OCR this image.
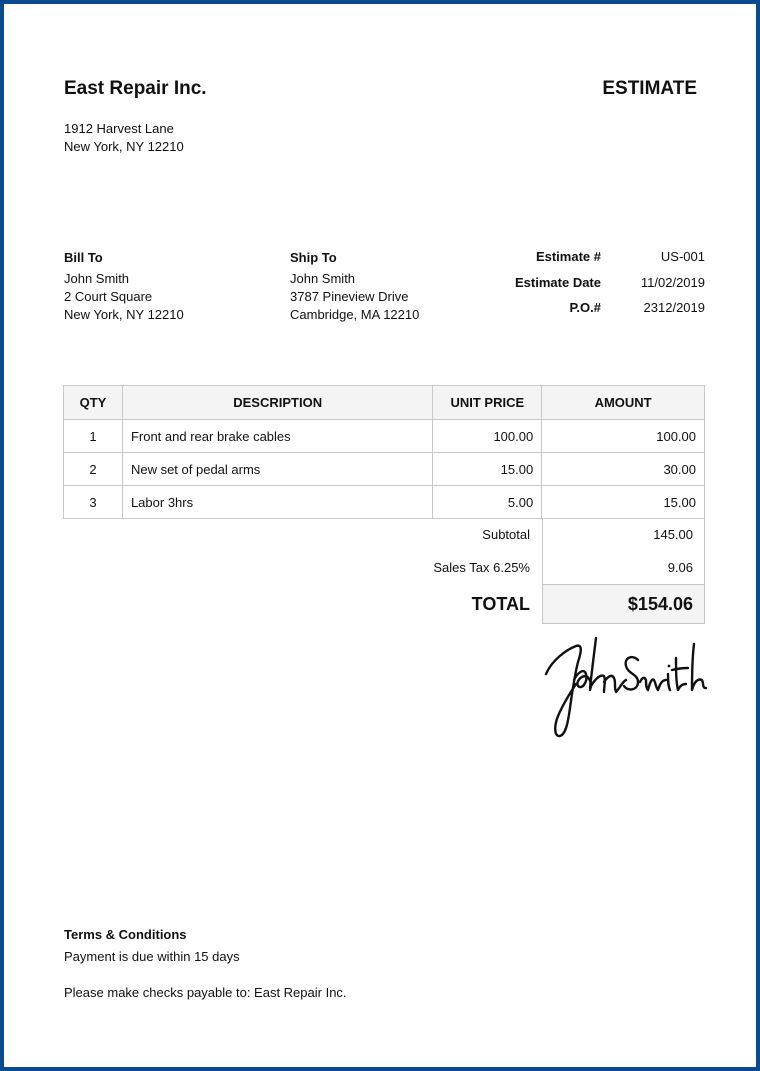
East Repair Inc.	ESTIMATE
1912 Harvest Lane
New York, NY 12210
Bill To
John Smith
2 Court Square
New York, NY 12210
Ship To
John Smith
3787 Pineview Drive
Cambridge, MA 12210
Estimate #	US-001
Estimate Date	11/02/2019
P.O.#	2312/2019
QTY	DESCRIPTION	UNIT PRICE	AMOUNT
1	Front and rear brake cables	100.00	100.00
2	New set of pedal arms	15.00	30.00
3	Labor 3hrs	5.00	15.00
Subtotal	145.00
Sales Tax 6.25%	9.06
TOTAL	$154.06
Terms & Conditions
Payment is due within 15 days
Please make checks payable to: East Repair Inc.
